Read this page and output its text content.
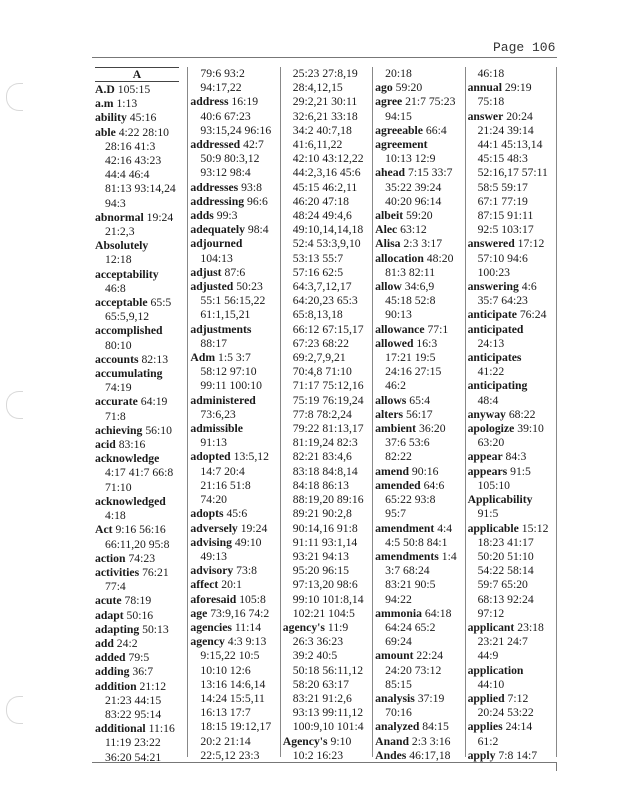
Page 106
A
A.D 105:15
a.m 1:13
ability 45:16
able 4:22 28:10
28:16 41:3
42:16 43:23
44:4 46:4
81:13 93:14,24
94:3
abnormal 19:24
21:2,3
Absolutely
12:18
acceptability
46:8
acceptable 65:5
65:5,9,12
accomplished
80:10
accounts 82:13
accumulating
74:19
accurate 64:19
71:8
achieving 56:10
acid 83:16
acknowledge
4:17 41:7 66:8
71:10
acknowledged
4:18
Act 9:16 56:16
66:11,20 95:8
action 74:23
activities 76:21
77:4
acute 78:19
adapt 50:16
adapting 50:13
add 24:2
added 79:5
adding 36:7
addition 21:12
21:23 44:15
83:22 95:14
additional 11:16
11:19 23:22
36:20 54:21
79:6 93:2
94:17,22
address 16:19
40:6 67:23
93:15,24 96:16
addressed 42:7
50:9 80:3,12
93:12 98:4
addresses 93:8
addressing 96:6
adds 99:3
adequately 98:4
adjourned
104:13
adjust 87:6
adjusted 50:23
55:1 56:15,22
61:1,15,21
adjustments
88:17
Adm 1:5 3:7
58:12 97:10
99:11 100:10
administered
73:6,23
admissible
91:13
adopted 13:5,12
14:7 20:4
21:16 51:8
74:20
adopts 45:6
adversely 19:24
advising 49:10
49:13
advisory 73:8
affect 20:1
aforesaid 105:8
age 73:9,16 74:2
agencies 11:14
agency 4:3 9:13
9:15,22 10:5
10:10 12:6
13:16 14:6,14
14:24 15:5,11
16:13 17:7
18:15 19:12,17
20:2 21:14
22:5,12 23:3
25:23 27:8,19
28:4,12,15
29:2,21 30:11
32:6,21 33:18
34:2 40:7,18
41:6,11,22
42:10 43:12,22
44:2,3,16 45:6
45:15 46:2,11
46:20 47:18
48:24 49:4,6
49:10,14,14,18
52:4 53:3,9,10
53:13 55:7
57:16 62:5
64:3,7,12,17
64:20,23 65:3
65:8,13,18
66:12 67:15,17
67:23 68:22
69:2,7,9,21
70:4,8 71:10
71:17 75:12,16
75:19 76:19,24
77:8 78:2,24
79:22 81:13,17
81:19,24 82:3
82:21 83:4,6
83:18 84:8,14
84:18 86:13
88:19,20 89:16
89:21 90:2,8
90:14,16 91:8
91:11 93:1,14
93:21 94:13
95:20 96:15
97:13,20 98:6
99:10 101:8,14
102:21 104:5
agency's 11:9
26:3 36:23
39:2 40:5
50:18 56:11,12
58:20 63:17
83:21 91:2,6
93:13 99:11,12
100:9,10 101:4
Agency's 9:10
10:2 16:23
20:18
ago 59:20
agree 21:7 75:23
94:15
agreeable 66:4
agreement
10:13 12:9
ahead 7:15 33:7
35:22 39:24
40:20 96:14
albeit 59:20
Alec 63:12
Alisa 2:3 3:17
allocation 48:20
81:3 82:11
allow 34:6,9
45:18 52:8
90:13
allowance 77:1
allowed 16:3
17:21 19:5
24:16 27:15
46:2
allows 65:4
alters 56:17
ambient 36:20
37:6 53:6
82:22
amend 90:16
amended 64:6
65:22 93:8
95:7
amendment 4:4
4:5 50:8 84:1
amendments 1:4
3:7 68:24
83:21 90:5
94:22
ammonia 64:18
64:24 65:2
69:24
amount 22:24
24:20 73:12
85:15
analysis 37:19
70:16
analyzed 84:15
Anand 2:3 3:16
Andes 46:17,18
46:18
annual 29:19
75:18
answer 20:24
21:24 39:14
44:1 45:13,14
45:15 48:3
52:16,17 57:11
58:5 59:17
67:1 77:19
87:15 91:11
92:5 103:17
answered 17:12
57:10 94:6
100:23
answering 4:6
35:7 64:23
anticipate 76:24
anticipated
24:13
anticipates
41:22
anticipating
48:4
anyway 68:22
apologize 39:10
63:20
appear 84:3
appears 91:5
105:10
Applicability
91:5
applicable 15:12
18:23 41:17
50:20 51:10
54:22 58:14
59:7 65:20
68:13 92:24
97:12
applicant 23:18
23:21 24:7
44:9
application
44:10
applied 7:12
20:24 53:22
applies 24:14
61:2
apply 7:8 14:7
